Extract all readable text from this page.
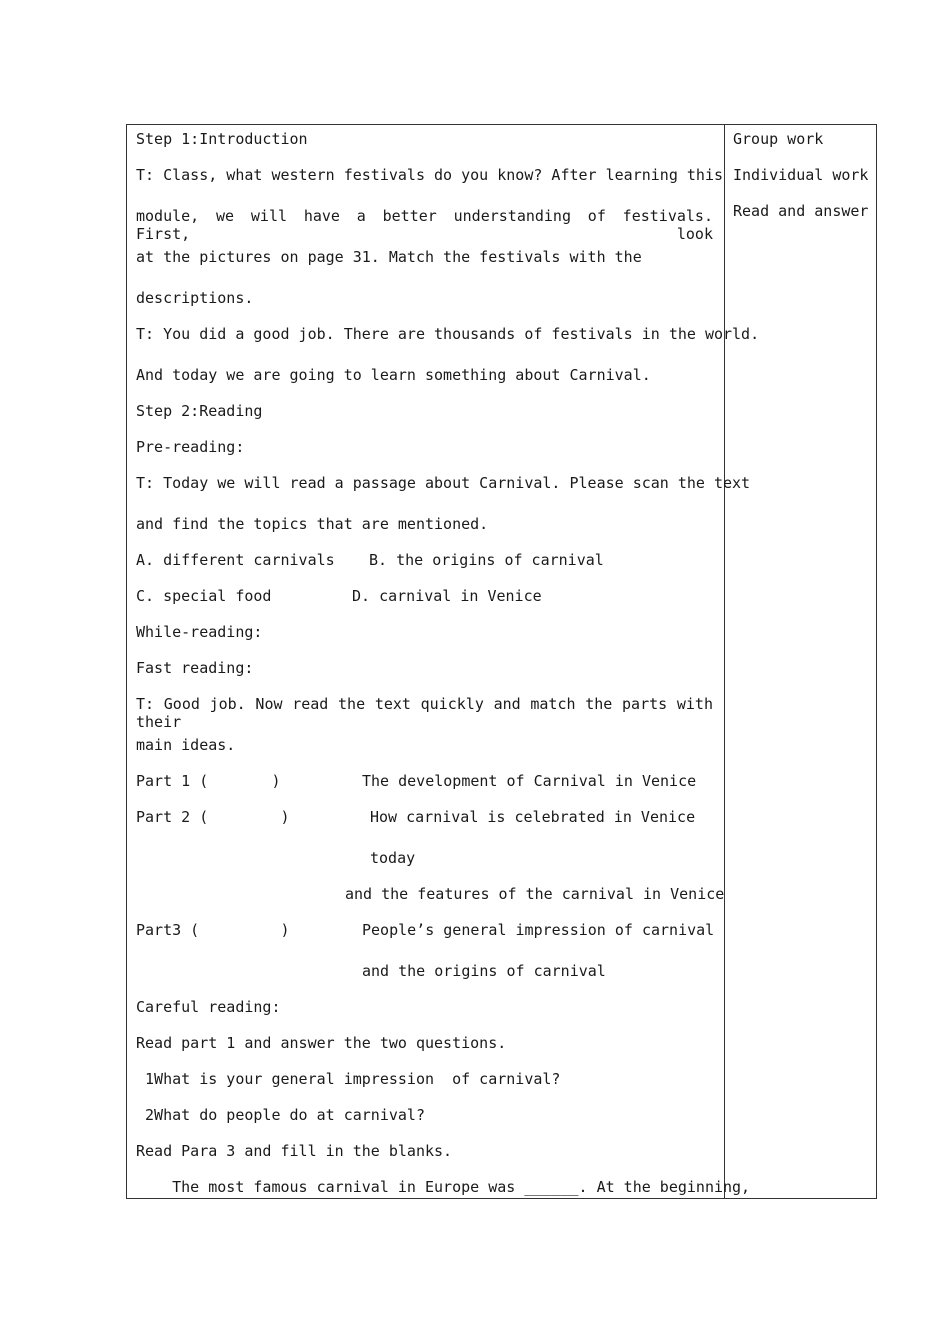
Step 1:Introduction
T: Class, what western festivals do you know? After learning this
module, we will have a better understanding of festivals. First, look
at the pictures on page 31. Match the festivals with the
descriptions.
T: You did a good job. There are thousands of festivals in the world.
And today we are going to learn something about Carnival.
Step 2:Reading
Pre-reading:
T: Today we will read a passage about Carnival. Please scan the text
and find the topics that are mentioned.
A. different carnivals B. the origins of carnival
C. special food	D. carnival in Venice
While-reading:
Fast reading:
T: Good job. Now read the text quickly and match the parts with their
main ideas.
Part 1 (       )	The development of Carnival in Venice
Part 2 (        )	How carnival is celebrated in Venice
today
and the features of the carnival in Venice
Part3 (         )	People’s general impression of carnival
and the origins of carnival
Careful reading:
Read part 1 and answer the two questions.
1What is your general impression  of carnival?
2What do people do at carnival?
Read Para 3 and fill in the blanks.
The most famous carnival in Europe was ______. At the beginning,
Group work
Individual work
Read and answer
